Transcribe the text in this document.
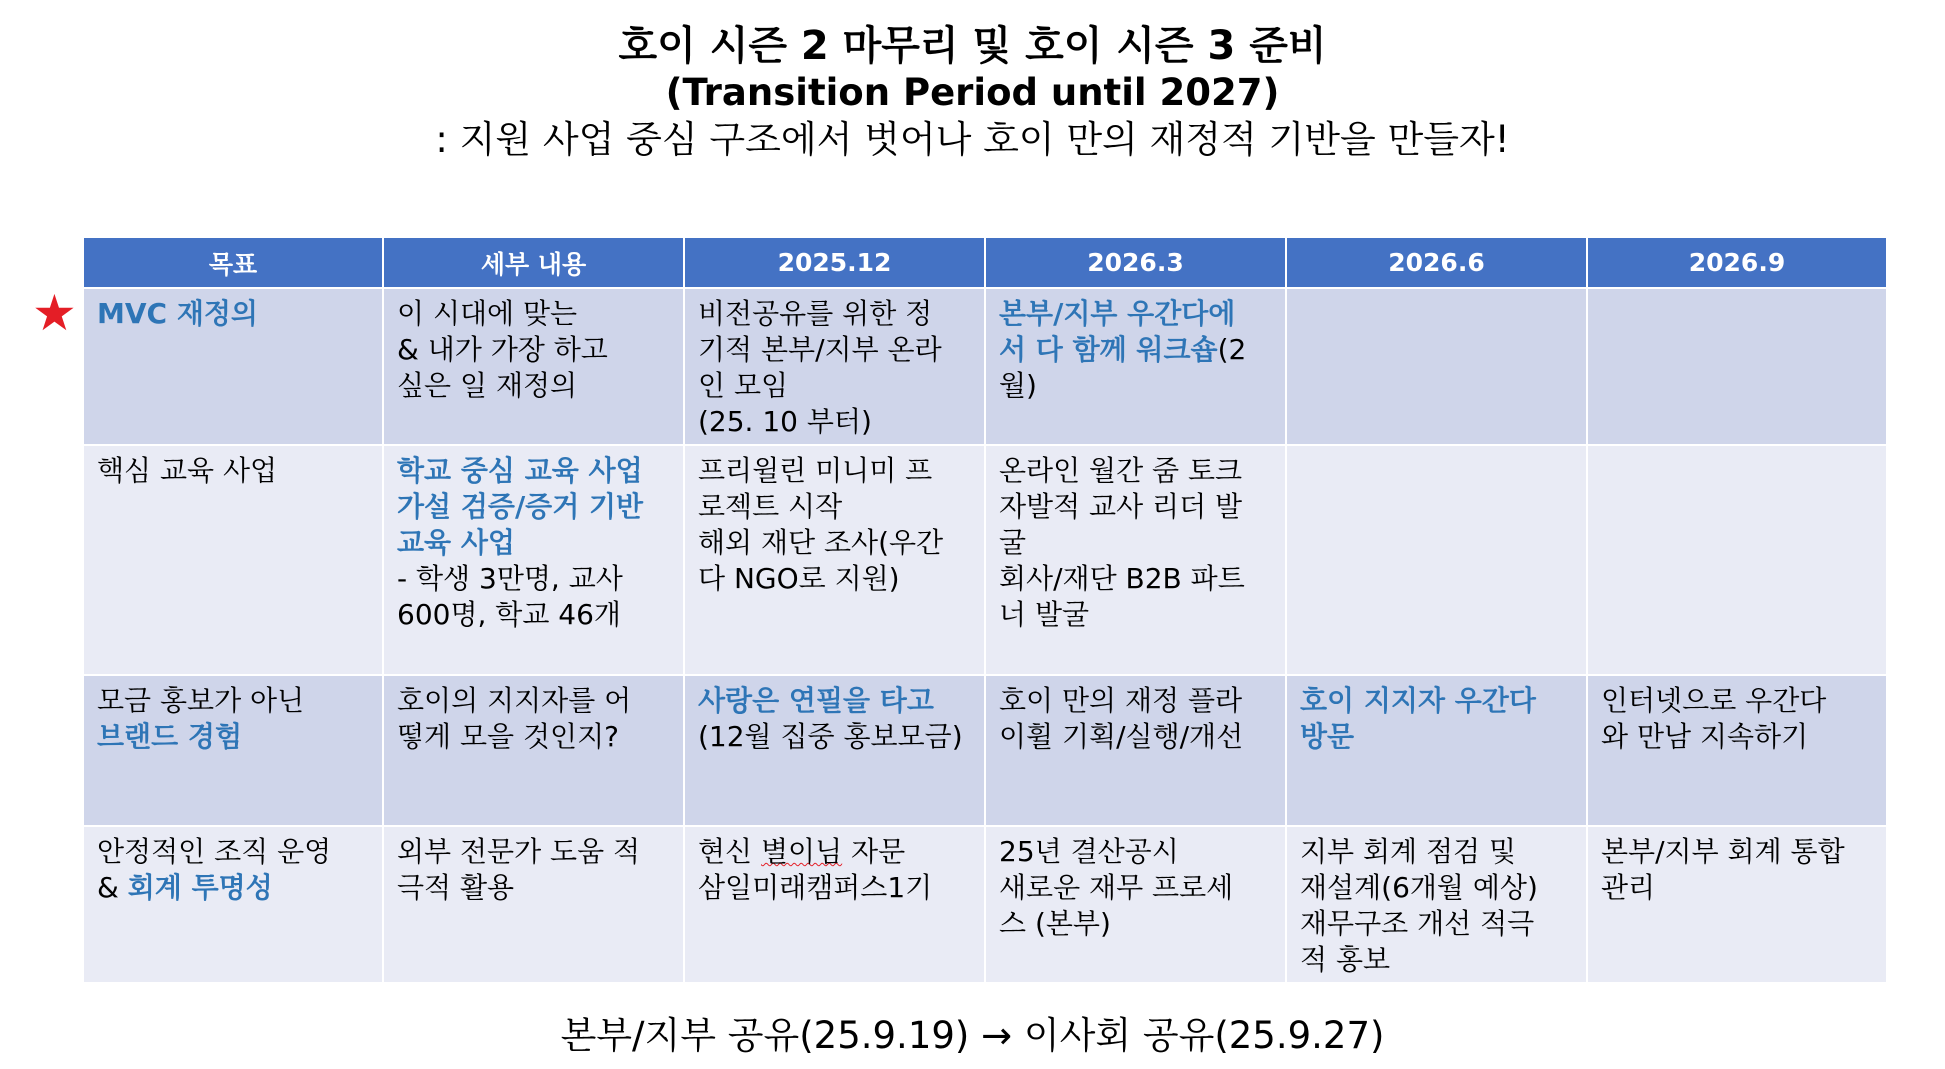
호이 시즌 2 마무리 및 호이 시즌 3 준비
(Transition Period until 2027)
: 지원 사업 중심 구조에서 벗어나 호이 만의 재정적 기반을 만들자!
★
목표	세부 내용	2025.12	2026.3	2026.6	2026.9
MVC 재정의	이 시대에 맞는
& 내가 가장 하고
싶은 일 재정의	비전공유를 위한 정
기적 본부/지부 온라
인 모임
(25. 10 부터)	본부/지부 우간다에 서 다 함께 워크숍(2 월)		
핵심 교육 사업	학교 중심 교육 사업
가설 검증/증거 기반
교육 사업
- 학생 3만명, 교사
600명, 학교 46개	프리윌린 미니미 프
로젝트 시작
해외 재단 조사(우간
다 NGO로 지원)	온라인 월간 줌 토크
자발적 교사 리더 발
굴
회사/재단 B2B 파트
너 발굴		

모금 홍보가 아닌
브랜드 경험	호이의 지지자를 어
떻게 모을 것인지?	사랑은 연필을 타고
(12월 집중 홍보모금)	호이 만의 재정 플라
이휠 기획/실행/개선	호이 지지자 우간다 방문	인터넷으로 우간다
와 만남 지속하기

안정적인 조직 운영
& 회계 투명성	외부 전문가 도움 적
극적 활용	현신 별이님 자문
삼일미래캠퍼스1기	25년 결산공시
새로운 재무 프로세
스 (본부)	지부 회계 점검 및
재설계(6개월 예상)
재무구조 개선 적극
적 홍보	본부/지부 회계 통합
관리
본부/지부 공유(25.9.19) → 이사회 공유(25.9.27)
